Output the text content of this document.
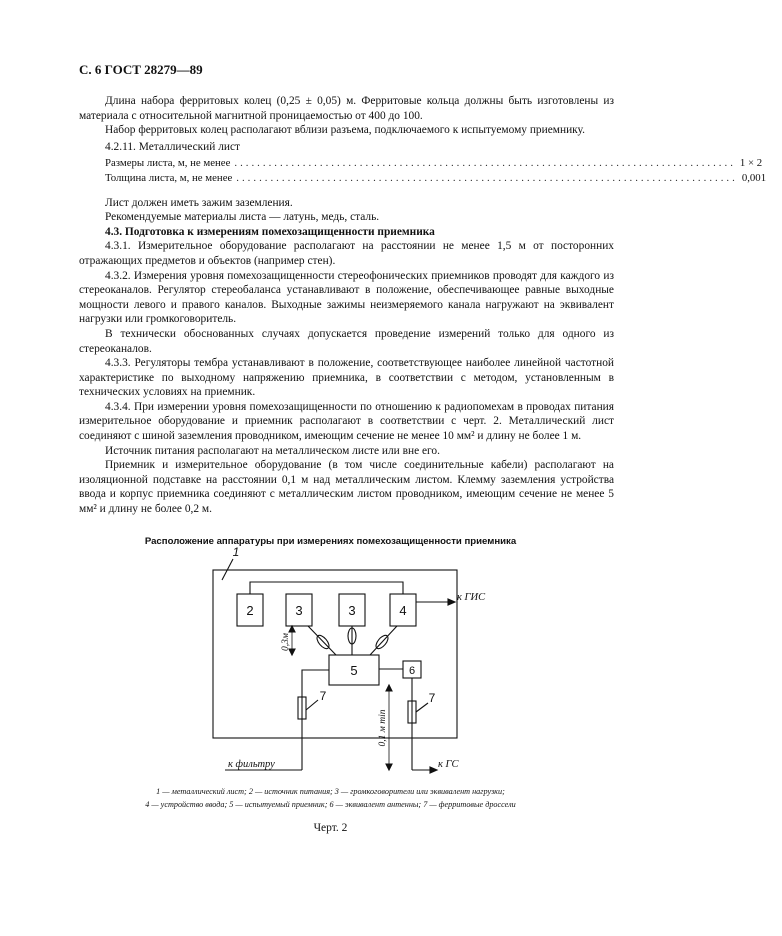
С. 6 ГОСТ 28279—89

Длина набора ферритовых колец (0,25 ± 0,05) м. Ферритовые кольца должны быть изготовлены из материала с относительной магнитной проницаемостью от 400 до 100.

Набор ферритовых колец располагают вблизи разъема, подключаемого к испытуемому приемнику.

4.2.11. Металлический лист

Размеры листа, м, не менее ........................................................................................ 1 × 2
Толщина листа, м, не менее ........................................................................................ 0,001

Лист должен иметь зажим заземления.

Рекомендуемые материалы листа — латунь, медь, сталь.

4.3. Подготовка к измерениям помехозащищенности приемника

4.3.1. Измерительное оборудование располагают на расстоянии не менее 1,5 м от посторонних отражающих предметов и объектов (например стен).

4.3.2. Измерения уровня помехозащищенности стереофонических приемников проводят для каждого из стереоканалов. Регулятор стереобаланса устанавливают в положение, обеспечивающее равные выходные мощности левого и правого каналов. Выходные зажимы неизмеряемого канала нагружают на эквивалент нагрузки или громкоговоритель.

В технически обоснованных случаях допускается проведение измерений только для одного из стереоканалов.

4.3.3. Регуляторы тембра устанавливают в положение, соответствующее наиболее линейной частотной характеристике по выходному напряжению приемника, в соответствии с методом, установленным в технических условиях на приемник.

4.3.4. При измерении уровня помехозащищенности по отношению к радиопомехам в проводах питания измерительное оборудование и приемник располагают в соответствии с черт. 2. Металлический лист соединяют с шиной заземления проводником, имеющим сечение не менее 10 мм² и длину не более 1 м.

Источник питания располагают на металлическом листе или вне его.

Приемник и измерительное оборудование (в том числе соединительные кабели) располагают на изоляционной подставке на расстоянии 0,1 м над металлическим листом. Клемму заземления устройства ввода и корпус приемника соединяют с металлическим листом проводником, имеющим сечение не менее 5 мм² и длину не более 0,2 м.

Расположение аппаратуры при измерениях помехозащищенности приемника
1
2	3	3	4
5	6
7	7
к ГИС
к фильтру	к ГС
0,3м
0,1 м min
1 — металлический лист; 2 — источник питания; 3 — громкоговорители или эквивалент нагрузки;
4 — устройство ввода; 5 — испытуемый приемник; 6 — эквивалент антенны; 7 — ферритовые дроссели
Черт. 2
